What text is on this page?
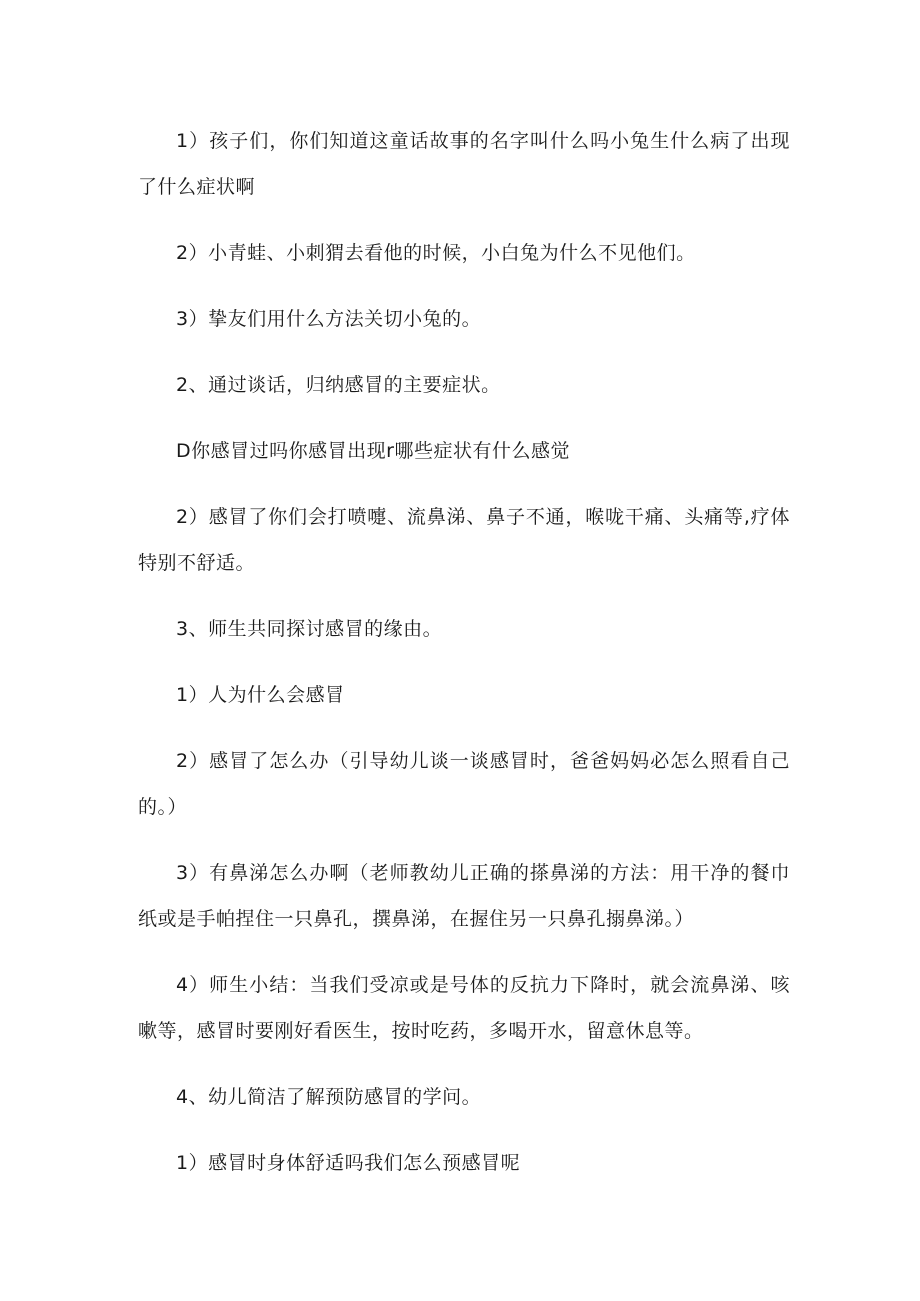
1）孩子们，你们知道这童话故事的名字叫什么吗小兔生什么病了出现了什么症状啊

2）小青蛙、小刺猬去看他的时候，小白兔为什么不见他们。

3）挚友们用什么方法关切小兔的。

2、通过谈话，归纳感冒的主要症状。

D你感冒过吗你感冒出现r哪些症状有什么感觉

2）感冒了你们会打喷嚏、流鼻涕、鼻子不通，喉咙干痛、头痛等,疗体特别不舒适。

3、师生共同探讨感冒的缘由。

1）人为什么会感冒

2）感冒了怎么办（引导幼儿谈一谈感冒时，爸爸妈妈必怎么照看自己的。）

3）有鼻涕怎么办啊（老师教幼儿正确的搽鼻涕的方法：用干净的餐巾纸或是手帕捏住一只鼻孔，撰鼻涕，在握住另一只鼻孔搦鼻涕。）

4）师生小结：当我们受凉或是号体的反抗力下降时，就会流鼻涕、咳嗽等，感冒时要刚好看医生，按时吃药，多喝开水，留意休息等。

4、幼儿简洁了解预防感冒的学问。

1）感冒时身体舒适吗我们怎么预感冒呢
